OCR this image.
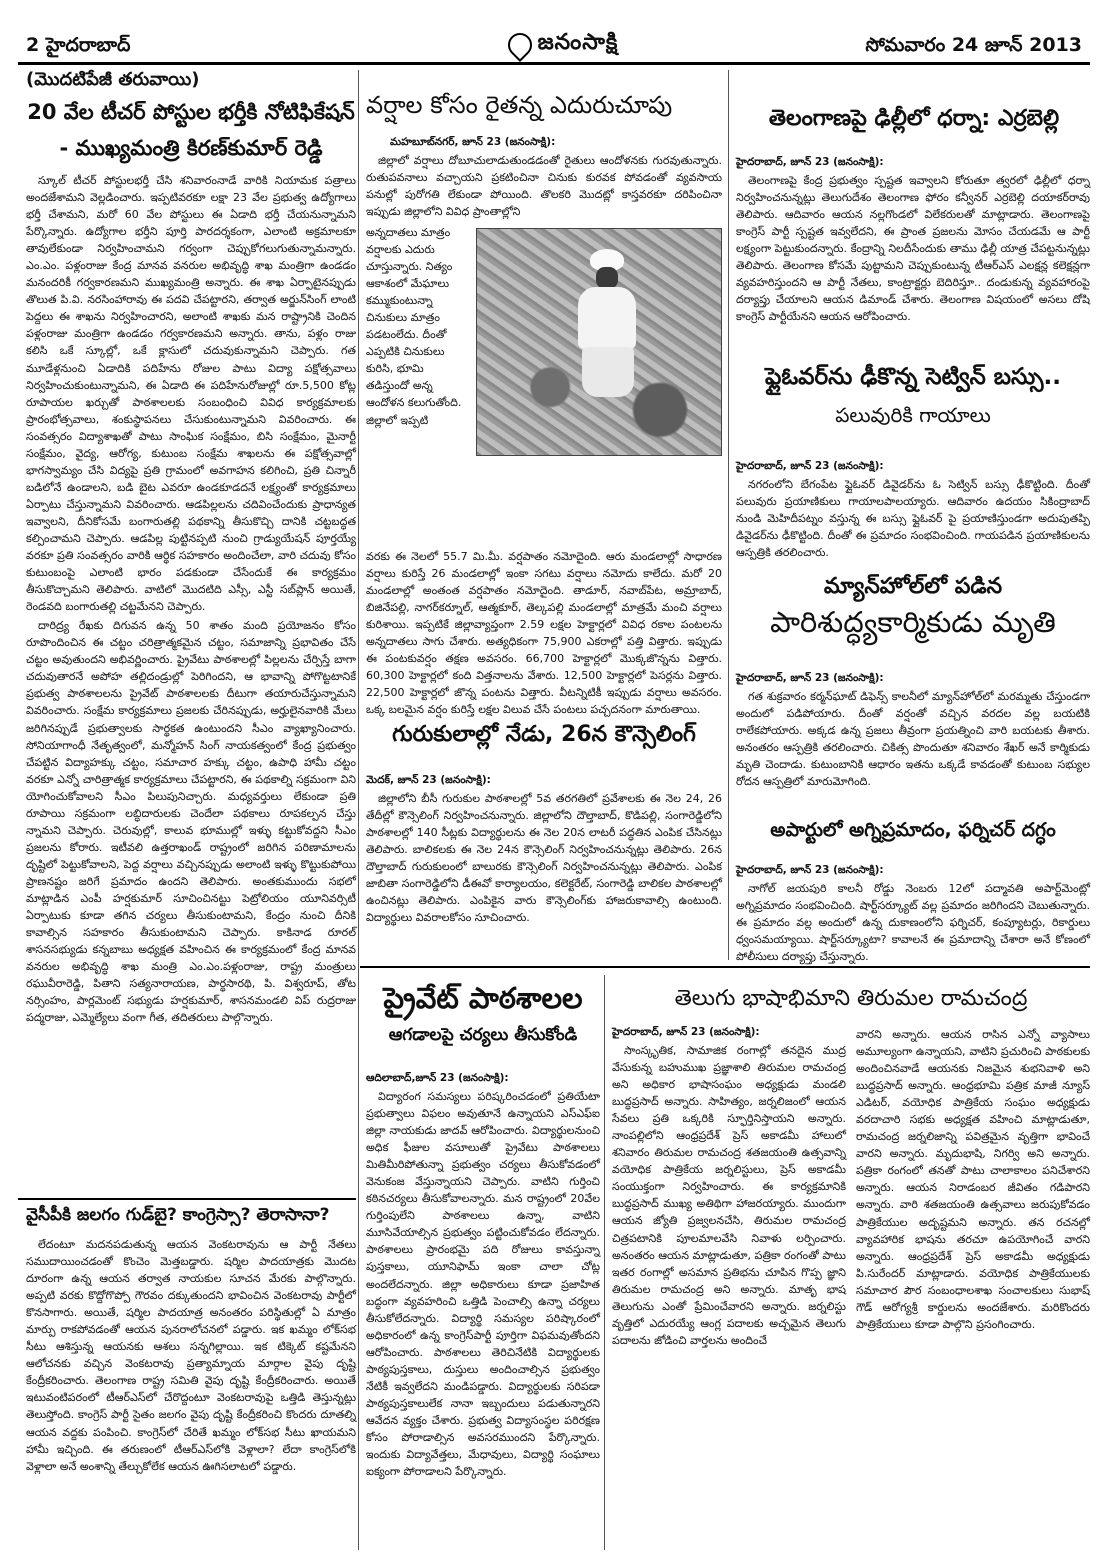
2 హైదరాబాద్	జనంసాక్షి	సోమవారం 24 జూన్ 2013
(మొదటిపేజీ తరువాయి)
20 వేల టీచర్ పోస్టుల భర్తీకి నోటిఫికేషన్
- ముఖ్యమంత్రి కిరణ్‌కుమార్ రెడ్డి

స్కూల్ టీచర్ పోస్టులభర్తీ చేసి శనివారంనాడే వారికి నియామక పత్రాలు అందజేశామని వెల్లడించారు. ఇప్పటివరకూ లక్షా 23 వేల ప్రభుత్వ ఉద్యోగాలు భర్తీ చేశామని, మరో 60 వేల పోస్టులు ఈ ఏడాది భర్తీ చేయనున్నామని పేర్కొన్నారు. ఉద్యోగాల భర్తీని పూర్తి పారదర్శకంగా, ఎలాంటి అక్రమాలకూ తావులేకుండా నిర్వహించామని గర్వంగా చెప్పుకోగలుగుతున్నామన్నారు. ఎం.ఎం. పళ్లంరాజు కేంద్ర మానవ వనరుల అభివృద్ధి శాఖ మంత్రిగా ఉండడం మనందరికీ గర్వకారణమని ముఖ్యమంత్రి అన్నారు. ఈ శాఖ ఏర్పాటైనప్పుడు తొలుత పి.వి. నరసింహారావు ఈ పదవి చేపట్టారని, తర్వాత అర్జున్‌సింగ్ లాంటి పెద్దలు ఈ శాఖను నిర్వహించారని, అలాంటి శాఖకు మన రాష్ట్రానికి చెందిన పళ్లంరాజు మంత్రిగా ఉండడం గర్వకారణమని అన్నారు. తాను, పళ్లం రాజు కలిసి ఒకే స్కూల్లో, ఒకే క్లాసులో చదువుకున్నామని చెప్పారు. గత మూడేళ్లనుంచి ఏడాదికి పదిహేను రోజుల పాటు విద్యా పక్షోత్సవాలు నిర్వహించుకుంటున్నామని, ఈ ఏడాది ఈ పదిహేనురోజుల్లో రూ.5,500 కోట్ల రూపాయల ఖర్చుతో పాఠశాలలకు సంబంధించి వివిధ కార్యక్రమాలకు ప్రారంభోత్సవాలు, శంకుస్థాపనలు చేసుకుంటున్నామని వివరించారు. ఈ సంవత్సరం విద్యాశాఖతో పాటు సాంఘిక సంక్షేమం, బిసి సంక్షేమం, మైనార్టీ సంక్షేమం, వైద్య, ఆరోగ్య, కుటుంబ సంక్షేమ శాఖలను ఈ పక్షోత్సవాల్లో భాగస్వామ్యం చేసి విద్యపై ప్రతి గ్రామంలో అవగాహన కలిగించి, ప్రతి చిన్నారీ బడిలోనే ఉండాలని, బడి బైట ఎవరూ ఉండకూడదనే లక్ష్యంతో కార్యక్రమాలు ఏర్పాటు చేస్తున్నామని వివరించారు. ఆడపిల్లలను చదివించేందుకు ప్రాధాన్యత ఇవ్వాలని, దీనికోసమే బంగారుతల్లి పథకాన్ని తీసుకొచ్చి దానికి చట్టబద్ధత కల్పించామని చెప్పారు. ఆడపిల్ల పుట్టినప్పటి నుంచి గ్రాడ్యుయేషన్ పూర్తయ్యే వరకూ ప్రతి సంవత్సరం వారికి ఆర్థిక సహకారం అందించేలా, వారి చదువు కోసం కుటుంబంపై ఎలాంటి భారం పడకుండా చేసేందుకే ఈ కార్యక్రమం తీసుకొచ్చామని తెలిపారు. వాటిలో మొదటిది ఎస్సీ, ఎస్టీ సబ్‌ప్లాన్ అయితే, రెండవది బంగారుతల్లి చట్టమేనని చెప్పారు.

దారిద్ర్య రేఖకు దిగువన ఉన్న 50 శాతం మంది ప్రయోజనం కోసం రూపొందించిన ఈ చట్టం చరిత్రాత్మకమైన చట్టం, సమాజాన్ని ప్రభావితం చేసే చట్టం అవుతుందని అభివర్ణించారు. ప్రైవేటు పాఠశాలల్లో పిల్లలను చేర్పిస్తే బాగా చదువుతారనే అపోహ తల్లిదండ్రుల్లో పెరిగిందని, ఆ భావాన్ని పోగొట్టటానికే ప్రభుత్వ పాఠశాలలను ప్రైవేట్ పాఠశాలలకు దీటుగా తయారుచేస్తున్నామని వివరించారు. సంక్షేమ కార్యక్రమాలు ప్రజలకు చేరినప్పుడు, అర్హులైనవారికి మేలు జరిగినప్పుడే ప్రభుత్వాలకు సార్థకత ఉంటుందని సీఎం వ్యాఖ్యానించారు. సోనియాగాంధీ నేతృత్వంలో, మన్మోహన్ సింగ్ నాయకత్వంలో కేంద్ర ప్రభుత్వం చేపట్టిన విద్యాహక్కు చట్టం, సమాచార హక్కు చట్టం, ఉపాధి హామీ చట్టం వరకూ ఎన్నో చారిత్రాత్మక కార్యక్రమాలు చేపట్టారని, ఈ పథకాల్ని సక్రమంగా విని యోగించుకోవాలని సీఎం పిలుపునిచ్చారు. మధ్యవర్తులు లేకుండా ప్రతి రూపాయి సక్రమంగా లబ్ధిదారులకు చెందేలా పథకాలు రూపకల్పన చేస్తు న్నామని చెప్పారు. చెరువుల్లో, కాలువ భూముల్లో ఇళ్ళు కట్టుకోవద్దని సీఎం ప్రజలను కోరారు. ఇటీవలి ఉత్తరాఖండ్ రాష్ట్రంలో జరిగిన పరిణామాలను దృష్టిలో పెట్టుకోవాలని, పెద్ద వర్షాలు వచ్చినప్పుడు అలాంటి ఇళ్ళు కొట్టుకుపోయి ప్రాణనష్టం జరిగే ప్రమాదం ఉందని తెలిపారు. అంతకుముందు సభలో మాట్లాడిన ఎంపీ హర్షకుమార్ సూచించినట్టు పెట్రోలియం యూనివర్సిటీ ఏర్పాటుకు కూడా తగిన చర్యలు తీసుకుంటామని, కేంద్రం నుంచి దీనికి కావాల్సిన సహకారం తీసుకుంటామని చెప్పారు. కాకినాడ రూరల్ శాసనసభ్యుడు కన్నబాబు అధ్యక్షత వహించిన ఈ కార్యక్రమంలో కేంద్ర మానవ వనరుల అభివృద్ధి శాఖ మంత్రి ఎం.ఎం.పళ్లంరాజు, రాష్ట్ర మంత్రులు రఘువీరారెడ్డి, పితాని సత్యనారాయణ, పార్థసారథి, పి. విశ్వరూప్, తోట నర్సింహం, పార్లమెంట్ సభ్యుడు హర్షకుమార్, శాసనమండలి విప్ రుద్రరాజు పద్మరాజు, ఎమ్మెల్యేలు వంగా గీత, తదితరులు పాల్గొన్నారు.

వైసీపీకి జలగం గుడ్‌బై? కాంగ్రెస్సా? తెరాసానా?

లేదంటూ మదనపడుతున్న ఆయన వెంకటరావును ఆ పార్టీ నేతలు సముదాయించడంతో కొంచెం మెత్తబడ్డారు. షర్మిల పాదయాత్రకు మొదట దూరంగా ఉన్న ఆయన తర్వాత నాయకుల సూచన మేరకు పాల్గొన్నారు. అప్పటి వరకు కొద్దోగొప్పో గౌరవం దక్కుతుందని భావించిన వెంకటరావు పార్టీలో కొనసాగారు. అయితే, షర్మిల పాదయాత్ర అనంతరం పరిస్థితుల్లో ఏ మాత్రం మార్పు రాకపోవడంతో ఆయన పునరాలోచనలో పడ్డారు. ఇక ఖమ్మం లోక్‌సభ సీటు ఆశిస్తున్న ఆయనకు ఆశలు సన్నగిల్లాయి. ఇక టిక్కెట్ కష్టమేనని ఆలోచనకు వచ్చిన వెంకటరావు ప్రత్యామ్నాయ మార్గాల వైపు దృష్టి కేంద్రీకరించారు. తెలంగాణ రాష్ట్ర సమితి వైపు దృష్టి కేంద్రీకరించారు. అయితే ఇటువంటిపరంలో టీఆర్ఎస్‌లో చేరొద్దంటూ వెంకటరావుపై ఒత్తిడి తెస్తున్నట్లు తెలుస్తోంది. కాంగ్రెస్ పార్టీ సైతం జలగం వైపు దృష్టి కేంద్రీకరించి కొందరు దూతల్ని ఆయన వద్దకు పంపించి. కాంగ్రెస్‌లో చేరితే ఖమ్మం లోక్‌సభ సీటు ఖాయమని హామీ ఇచ్చింది. ఈ తరుణంలో టీఆర్ఎస్‌లోకి వెళ్లాలా? లేదా కాంగ్రెస్‌లోకి వెళ్లాలా అనే అంశాన్ని తేల్చుకోలేక ఆయన ఊగిసలాటలో పడ్డారు.

వర్షాల కోసం రైతన్న ఎదురుచూపు
మహబూబ్‌నగర్, జూన్ 23 (జనంసాక్షి):

జిల్లాలో వర్షాలు దోబూచులాడుతుండడంతో రైతులు ఆందోళనకు గురవుతున్నారు. రుతుపవనాలు వచ్చాయని ప్రకటించినా చినుకు కురవక పోవడంతో వ్యవసాయ పనుల్లో పురోగతి లేకుండా పోయింది. తొలకరి మొదట్లో కాస్తవరకూ దరిపించినా ఇప్పుడు జిల్లాలోని వివిధ ప్రాంతాల్లోని

అన్నదాతలు మాత్రం వర్షాలకు ఎదురు చూస్తున్నారు. నిత్యం ఆకాశంలో మేఘాలు కమ్ముకుంటున్నా చినుకులు మాత్రం పడటంలేదు. దీంతో ఎప్పటికి చినుకులు కురిసి, భూమి తడిస్తుందో అన్న ఆందోళన కలుగుతోంది. జిల్లాలో ఇప్పటి

వరకు ఈ నెలలో 55.7 మి.మీ. వర్షపాతం నమోదైంది. ఆరు మండలాల్లో సాధారణ వర్షాలు కురిస్తే 26 మండలాల్లో ఇంకా సగటు వర్షాలు నమోదు కాలేదు. మరో 20 మండలాల్లో అంతంత వర్షపాతం నమోదైంది. తాడూర్, నవాబ్‌పేట, అమ్రాబాద్, బిజినేపల్లి, నాగర్‌కర్నూల్, ఆత్మకూర్, తెల్కపల్లి మండలాల్లో మాత్రమే మంచి వర్షాలు కురిశాయి. ఇప్పటికే జిల్లావ్యాప్తంగా 2.59 లక్షల హెక్టార్లలో వివిధ రకాల పంటలను అన్నదాతలు సాగు చేశారు. అత్యధికంగా 75,900 ఎకరాల్లో పత్తి విత్తారు. ఇప్పుడు ఈ పంటకువర్షం తక్షణ అవసరం. 66,700 హెక్టార్లలో మొక్కజొన్నను విత్తారు. 60,300 హెక్టార్లలో కంది విత్తనాలను వేశారు. 12,500 హెక్టార్లలో పెసర్లను విత్తారు. 22,500 హెక్టార్లలో జొన్న పంటను విత్తారు. వీటన్నిటికీ ఇప్పుడు వర్షాలు అవసరం. ఒక్క బలమైన వర్షం కురిస్తే లక్షల విలువ చేసే పంటలు పచ్చదనంగా మారుతాయి.

గురుకులాల్లో నేడు, 26న కౌన్సెలింగ్
మెదక్, జూన్ 23 (జనంసాక్షి):

జిల్లాలోని బీసీ గురుకుల పాఠశాలల్లో 5వ తరగతిలో ప్రవేశాలకు ఈ నెల 24, 26 తేదీల్లో కౌన్సెలింగ్ నిర్వహించనున్నారు. జిల్లాలోని దౌల్తాబాద్, కొడిపల్లి, సంగారెడ్డిలోని పాఠశాలల్లో 140 సీట్లకు విద్యార్థులను ఈ నెల 20న లాటరీ పద్ధతిన ఎంపిక చేసినట్లు తెలిపారు. బాలికలకు ఈ నెల 24న కౌన్సెలింగ్ నిర్వహించనున్నట్లు తెలిపారు. 26న దౌల్తాబాద్ గురుకులంలో బాలురకు కౌన్సెలింగ్ నిర్వహించనున్నట్లు తెలిపారు. ఎంపిక జాబితా సంగారెడ్డిలోని డీఈవో కార్యాలయం, కలెక్టరేట్, సంగారెడ్డి బాలికల పాఠశాలల్లో ఉంచినట్లు తెలిపారు. ఎంపికైన వారు కౌన్సెలింగ్‌కు హాజరుకావాల్సి ఉంటుంది. విద్యార్థులు వివరాలకోసం సూచించారు.

తెలంగాణపై ఢిల్లీలో ధర్నా: ఎర్రబెల్లి
హైదరాబాద్, జూన్ 23 (జనంసాక్షి):

తెలంగాణపై కేంద్ర ప్రభుత్వం స్పష్టత ఇవ్వాలని కోరుతూ త్వరలో ఢిల్లీలో ధర్నా నిర్వహించనున్నట్లు తెలుగుదేశం తెలంగాణ ఫోరం కన్వీనర్ ఎర్రబెల్లి దయాకర్‌రావు తెలిపారు. ఆదివారం ఆయన నల్లగొండలో విలేకరులతో మాట్లాడారు. తెలంగాణపై కాంగ్రెస్ పార్టీ స్పష్టత ఇవ్వలేదని, ఈ ప్రాంత ప్రజలను మోసం చేయడమే ఆ పార్టీ లక్ష్యంగా పెట్టుకుందన్నారు. కేంద్రాన్ని నిలదీసేందుకు తాము ఢిల్లీ యాత్ర చేపట్టనున్నట్లు తెలిపారు. తెలంగాణ కోసమే పుట్టామని చెప్పుకుంటున్న టీఆర్ఎస్ ఎలక్షన్ల కలెక్షన్లగా వ్యవహరిస్తుందని ఆ పార్టీ నేతలు, కాంట్రాక్టర్లు బెదిరిస్తూ.. దండుకున్న వ్యవహారంపై దర్యాప్తు చేయాలని ఆయన డిమాండ్ చేశారు. తెలంగాణ విషయంలో అసలు దోషి కాంగ్రెస్ పార్టీయేనని ఆయన ఆరోపించారు.

ఫ్లైఓవర్‌ను ఢీకొన్న సెట్విన్ బస్సు..
పలువురికి గాయాలు
హైదరాబాద్, జూన్ 23 (జనంసాక్షి):

నగరంలోని బేగంపేట ఫ్లైఓవర్ డివైడర్‌ను ఓ సెట్విన్ బస్సు ఢీకొట్టింది. దీంతో పలువురు ప్రయాణికులు గాయాలపాలయ్యారు. ఆదివారం ఉదయం సికింద్రాబాద్ నుండి మెహిదీపట్నం వస్తున్న ఈ బస్సు ఫ్లైఓవర్ పై ప్రయాణిస్తుండగా అదుపుతప్పి డివైడర్‌ను ఢీకొట్టింది. దీంతో ఈ ప్రమాదం సంభవించింది. గాయపడిన ప్రయాణికులను ఆస్పత్రికి తరలించారు.

మ్యాన్‌హోల్‌లో పడిన
పారిశుద్ధ్యకార్మికుడు మృతి
హైదరాబాద్, జూన్ 23 (జనంసాక్షి):

గత శుక్రవారం కర్మన్‌ఘాట్ డిఫెన్స్ కాలనీలో మ్యాన్‌హోల్‌లో మరమ్మతు చేస్తుండగా అందులో పడిపోయారు. దీంతో వర్షంతో వచ్చిన వరదల వల్ల బయటికి రాలేకపోయారు. అక్కడ ఉన్న ప్రజలు తీవ్రంగా ప్రయత్నించి వారి బయటకు తీశారు. అనంతరం ఆస్పత్రికి తరలించారు. చికిత్స పొందుతూ శనివారం శేఖర్ అనే కార్మికుడు మృతి చెందాడు. కుటుంబానికి ఆధారం ఇతను ఒక్కడే కావడంతో కుటుంబ సభ్యుల రోదన ఆస్పత్రిలో మారుమోగింది.

అపార్టులో అగ్నిప్రమాదం, ఫర్నిచర్ దగ్ధం
హైదరాబాద్, జూన్ 23 (జనంసాక్షి):

నాగోల్ జయపురి కాలనీ రోడ్డు నెంబరు 12లో పద్మావతి అపార్ట్‌మెంట్లో అగ్నిప్రమాదం సంభవించింది. షార్ట్‌సర్క్యూట్ వల్ల ప్రమాదం జరిగిందని చెబుతున్నారు. ఈ ప్రమాదం వల్ల అందులో ఉన్న దుకాణంలోని ఫర్నిచర్, కంప్యూటర్లు, రికార్డులు ధ్వంసమయ్యాయి. షార్ట్‌సర్క్యూటా? కావాలనే ఈ ప్రమాదాన్ని చేశారా అనే కోణంలో పోలీసులు దర్యాప్తు చేస్తున్నారు.

ప్రైవేట్ పాఠశాలల
ఆగడాలపై చర్యలు తీసుకోండి
ఆదిలాబాద్,జూన్ 23 (జనంసాక్షి):

విద్యారంగ సమస్యలు పరిష్కరించడంలో ప్రతియేటా ప్రభుత్వాలు విఫలం అవుతూనే ఉన్నాయని ఎస్‌ఎఫ్‌ఐ జిల్లా నాయకుడు జాదవ్ ఆరోపించారు. విద్యార్థులనుంచి అధిక ఫీజుల వసూలుతో ప్రైవేటు పాఠశాలలు మితిమీరిపోతున్నా ప్రభుత్వం చర్యలు తీసుకోవడంలో వెనుకంజ వేస్తున్నాయని చెప్పారు. వాటిని గుర్తించి కఠినచర్యలు తీసుకోవాలన్నారు. మన రాష్ట్రంలో 20వేల గుర్తింపులేని పాఠశాలలు ఉన్నా, వాటిని మూసివేయాల్సిన ప్రభుత్వం పట్టించుకోవడం లేదన్నారు. పాఠశాలలు ప్రారంభమై పది రోజులు కావస్తున్నా పుస్తకాలు, యూనిఫామ్ ఇంకా చాలా చోట్ల అందలేదన్నారు. జిల్లా అధికారులు కూడా ప్రజాహిత బద్ధంగా వ్యవహరించి ఒత్తిడి పెంచాల్సి ఉన్నా చర్యలు తీసుకోలేదన్నారు. విద్యార్థి సమస్యల పరిష్కారంలో అధికారంలో ఉన్న కాంగ్రెస్‌పార్టీ పూర్తిగా విఫమవుతోందని ఆరోపించారు. పాఠశాలలు తెరిచినేటికి విద్యార్థులకు పాఠ్యపుస్తకాలు, దుస్తులు అందించాల్సిన ప్రభుత్వం నేటికీ ఇవ్వలేదని మండిపడ్డారు. విద్యార్థులకు సరిపడా పాఠ్యపుస్తకాలులేక నానా ఇబ్బందులు పడుతున్నారని ఆవేదన వ్యక్తం చేశారు. ప్రభుత్వ విద్యాసంస్థల పరిరక్షణ కోసం పోరాడాల్సిన అవసరముందని పేర్కొన్నారు. ఇందుకు విద్యావేత్తలు, మేధావులు, విద్యార్థి సంఘాలు ఐక్యంగా పోరాడాలని పేర్కొన్నారు.

తెలుగు భాషాభిమాని తిరుమల రామచంద్ర
హైదరాబాద్, జూన్ 23 (జనంసాక్షి):

సాంస్కృతిక, సామాజిక రంగాల్లో తనదైన ముద్ర వేసుకున్న బహుముఖ ప్రజ్ఞాశాలి తిరుమల రామచంద్ర అని అధికార భాషాసంఘం అధ్యక్షుడు మండలి బుద్ధప్రసాద్ అన్నారు. సాహిత్యం, జర్నలిజంలో ఆయన సేవలు ప్రతి ఒక్కరికి స్ఫూర్తినిస్తాయని అన్నారు. నాంపల్లిలోని ఆంధ్రప్రదేశ్ ప్రెస్ అకాడమీ హాలులో శనివారం తిరుమల రామచంద్ర శతజయంతి ఉత్సవాన్ని వయోధిక పాత్రికేయ జర్నలిస్టులు, ప్రెస్ అకాడమీ సంయుక్తంగా నిర్వహించారు. ఈ కార్యక్రమానికి బుద్ధప్రసాద్ ముఖ్య అతిథిగా హాజరయ్యారు. ముందుగా ఆయన జ్యోతి ప్రజ్వలనచేసి, తిరుమల రామచంద్ర చిత్రపటానికి పూలమాలవేసి నివాళు లర్పించారు. అనంతరం ఆయన మాట్లాడుతూ, పత్రికా రంగంతో పాటు ఇతర రంగాల్లో అసమాన ప్రతిభను చూపిన గొప్ప జ్ఞాని తిరుమల రామచంద్ర అని అన్నారు. మాతృ భాష తెలుగును ఎంతో ప్రేమించేవారని అన్నారు. జర్నలిస్టు వృత్తిలో ఎదురయ్యే ఆంగ్ల పదాలకు అచ్చమైన తెలుగు పదాలను జోడించి వార్తలను అందించే

వారని అన్నారు. ఆయన రాసిన ఎన్నో వ్యాసాలు అమూల్యంగా ఉన్నాయని, వాటిని ప్రచురించి పాఠకులకు అందించినవాడే ఆయనకు నిజమైన శుభనివాళి అని బుద్ధప్రసాద్ అన్నారు. ఆంధ్రభూమి పత్రిక మాజీ న్యూస్ ఎడిటర్, వయోధిక పాత్రికేయ సంఘం అధ్యక్షుడు వరదాచారి సభకు అధ్యక్షత వహించి మాట్లాడుతూ, రామచంద్ర జర్నలిజాన్ని పవిత్రమైన వృత్తిగా భావించే వారని అన్నారు. మృదుభాషి, నిగర్వి అని అన్నారు. పత్రికా రంగంలో తనతో పాటు చాలాకాలం పనిచేశారని అన్నారు. ఆయన నిరాడంబర జీవితం గడిపారని అన్నారు. వారి శతజయంతి ఉత్సవాలు జరుపుకోవడం పాత్రికేయుల అదృష్టమని అన్నారు. తన రచనల్లో వ్యావహారిక భాషను తరచూ ఉపయోగించే వారని అన్నారు. ఆంధ్రప్రదేశ్ ప్రెస్ అకాడమీ అధ్యక్షుడు పి.సురేందర్ మాట్లాడారు. వయోధిక పాత్రికేయులకు సమాచార పౌర సంబంధాలశాఖ సంచాలకులు సుభాష్ గౌడ్ ఆరోగ్యశ్రీ కార్డులను అందజేశారు. మరికొందరు పాత్రికేయులు కూడా పాల్గొని ప్రసంగించారు.
